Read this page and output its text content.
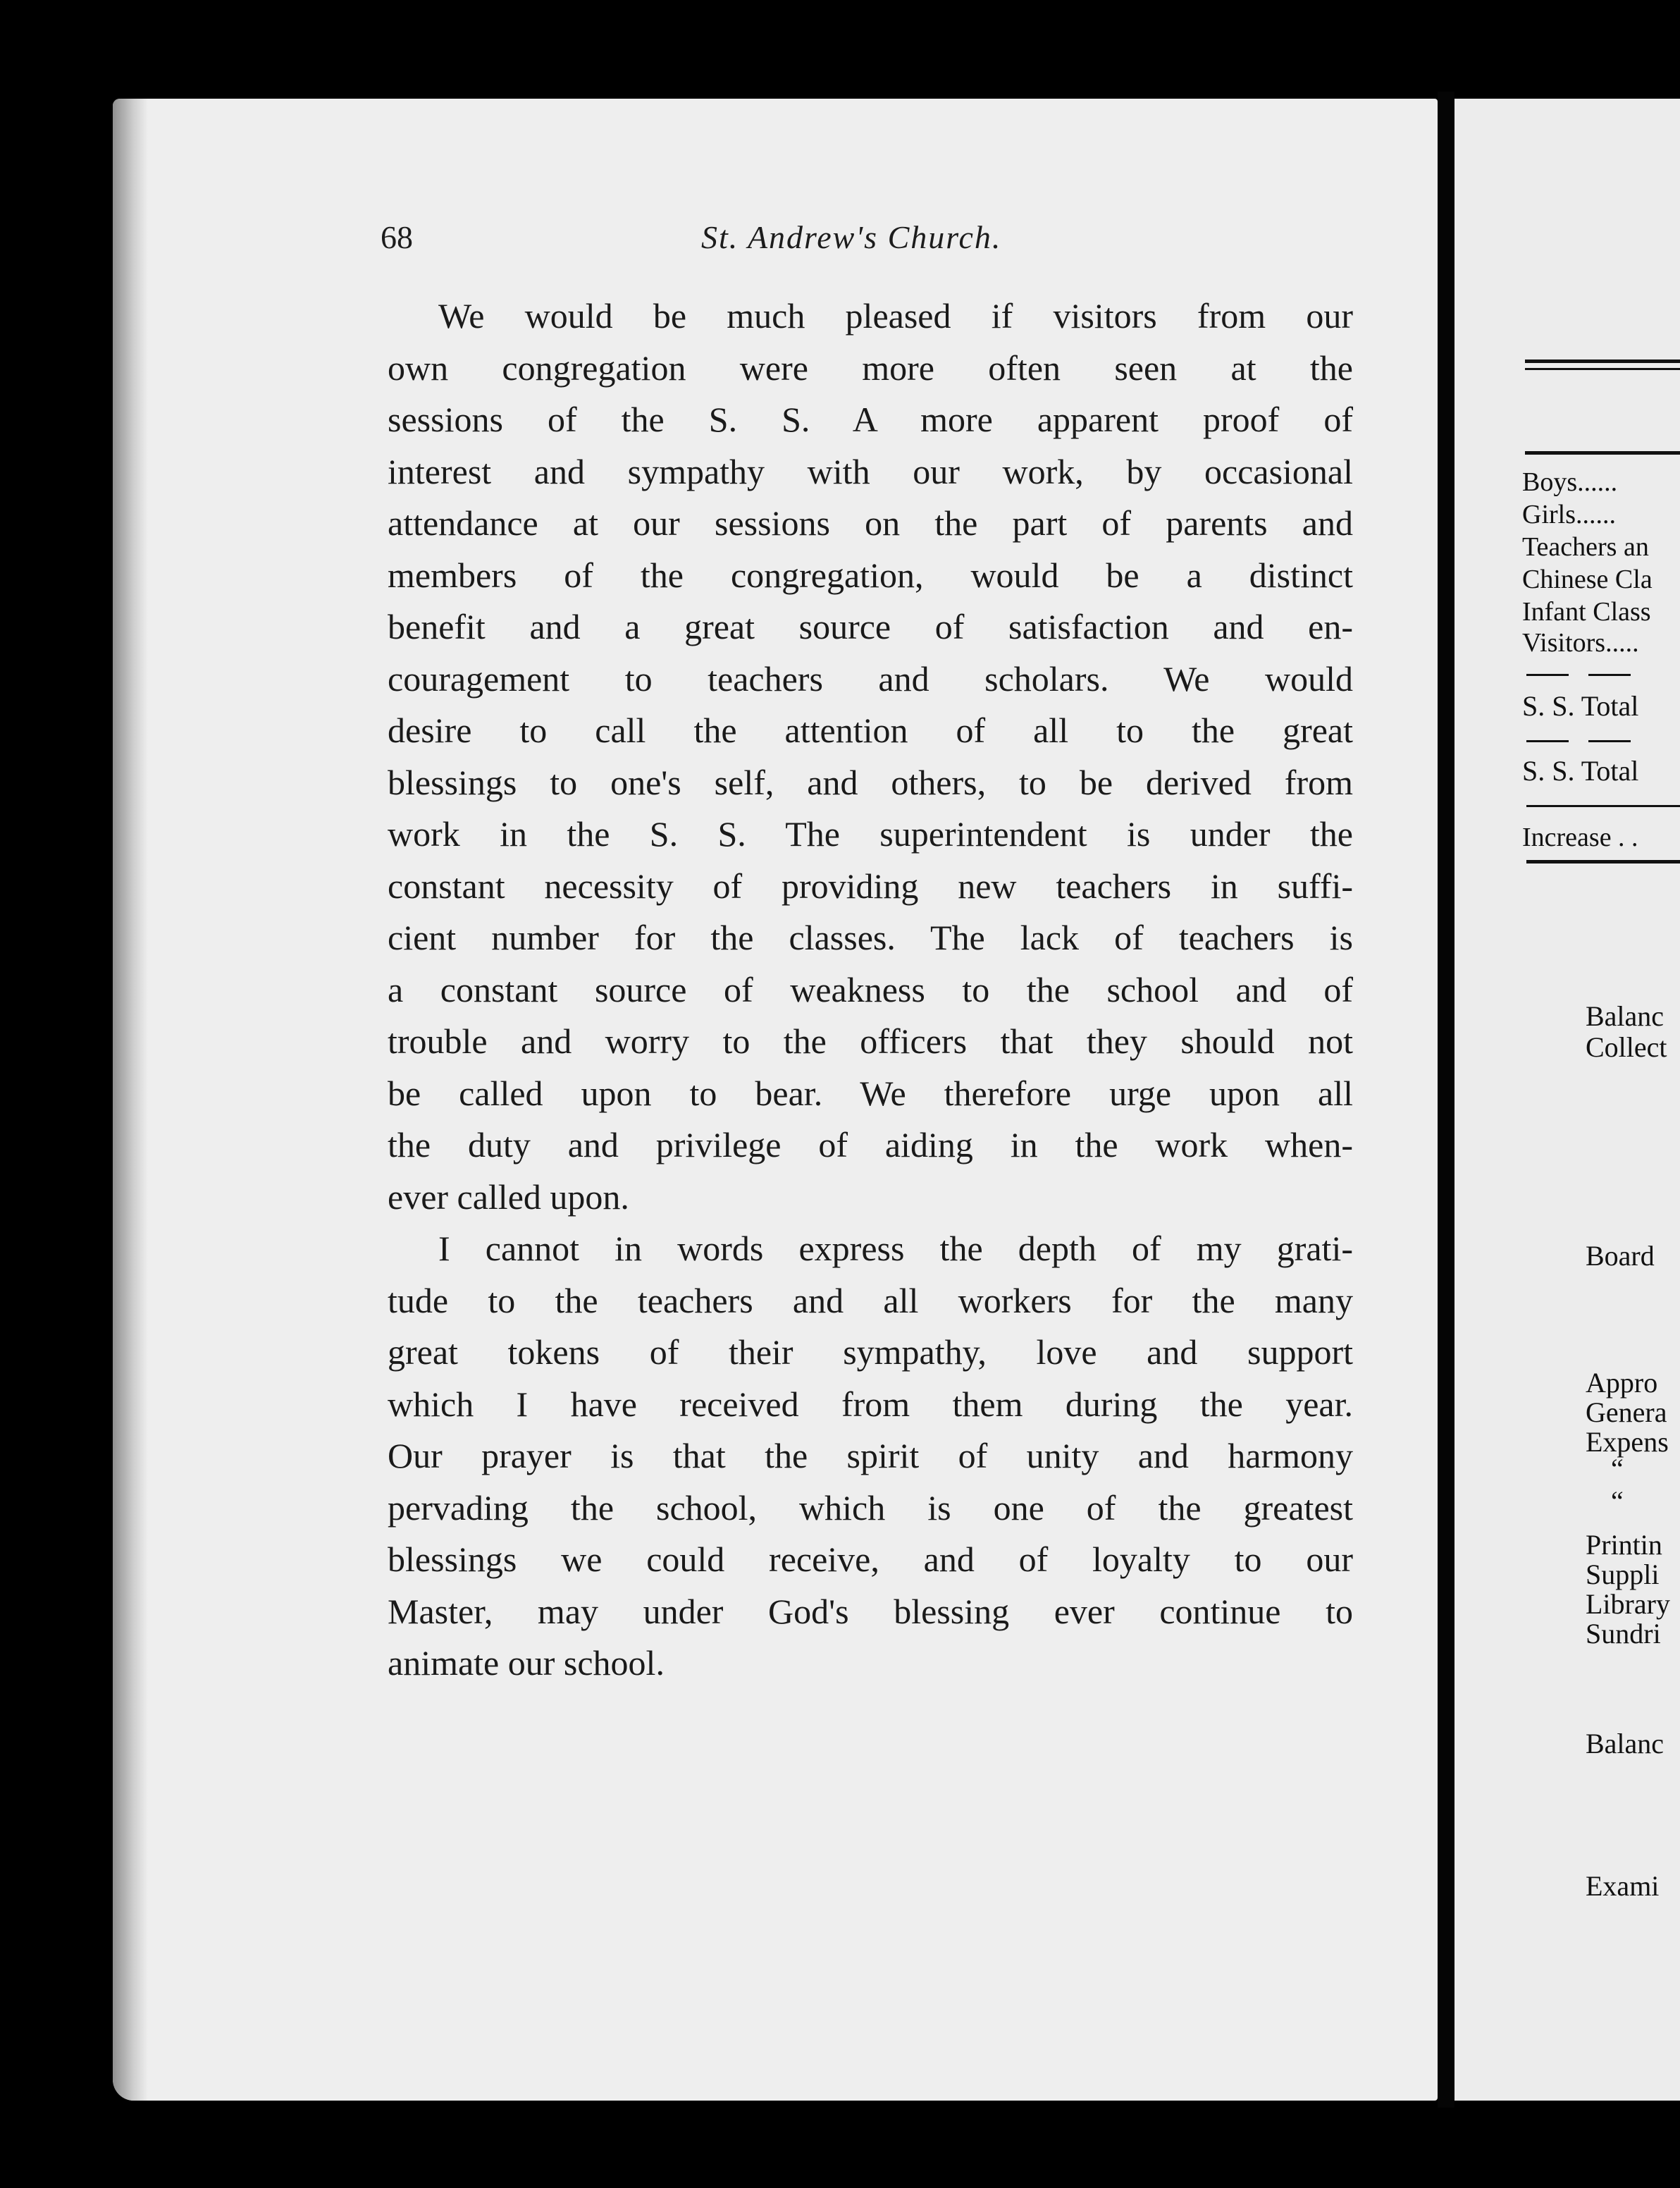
68	St. Andrew's Church.

We would be much pleased if visitors from our

own congregation were more often seen at the

sessions of the S. S. A more apparent proof of

interest and sympathy with our work, by occasional

attendance at our sessions on the part of parents and

members of the congregation, would be a distinct

benefit and a great source of satisfaction and en-

couragement to teachers and scholars. We would

desire to call the attention of all to the great

blessings to one's self, and others, to be derived from

work in the S. S. The superintendent is under the

constant necessity of providing new teachers in suffi-

cient number for the classes. The lack of teachers is

a constant source of weakness to the school and of

trouble and worry to the officers that they should not

be called upon to bear. We therefore urge upon all

the duty and privilege of aiding in the work when-

ever called upon.

I cannot in words express the depth of my grati-

tude to the teachers and all workers for the many

great tokens of their sympathy, love and support

which I have received from them during the year.

Our prayer is that the spirit of unity and harmony

pervading the school, which is one of the greatest

blessings we could receive, and of loyalty to our

Master, may under God's blessing ever continue to

animate our school.

Boys......
Girls......
Teachers an
Chinese Cla
Infant Class
Visitors.....
S. S. Total
S. S. Total
Increase . .
Balanc
Collect
Board
Appro
Genera
Expens
“
“
Printin
Suppli
Library
Sundri
Balanc
Exami
